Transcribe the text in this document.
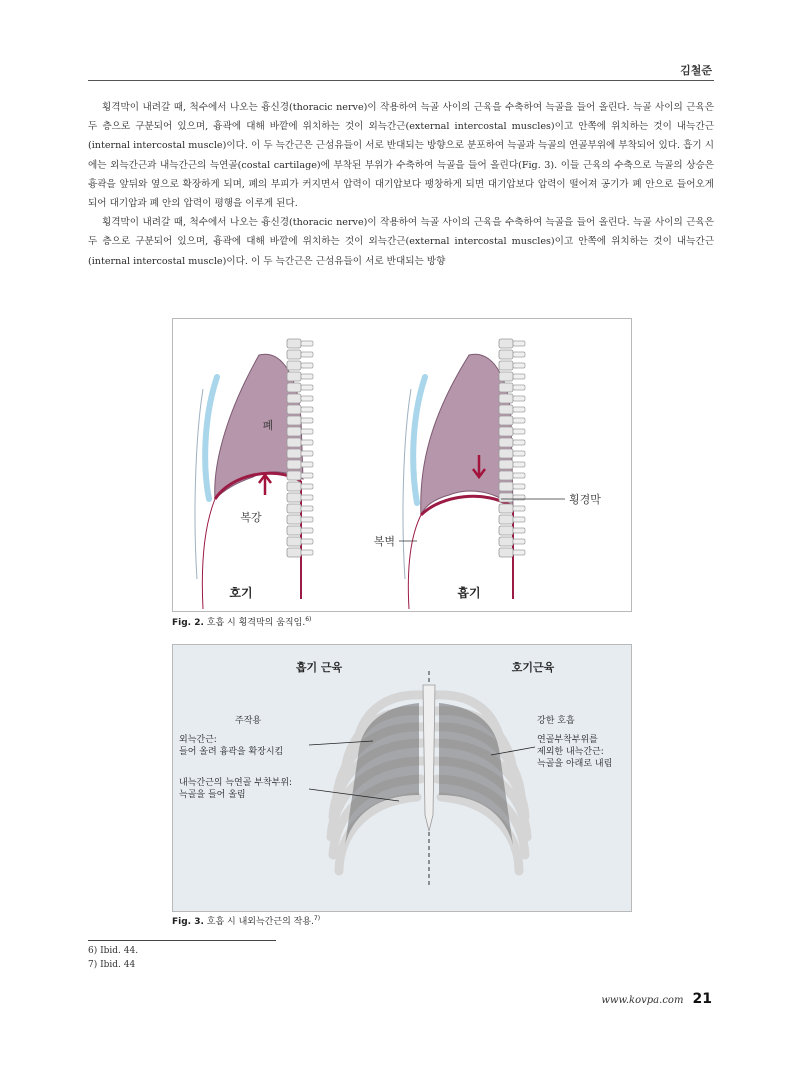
김철준

횡격막이 내려갈 때, 척수에서 나오는 흉신경(thoracic nerve)이 작용하여 늑골 사이의 근육을 수축하여 늑골을 들어 올린다. 늑골 사이의 근육은 두 층으로 구분되어 있으며, 흉곽에 대해 바깥에 위치하는 것이 외늑간근(external intercostal muscles)이고 안쪽에 위치하는 것이 내늑간근(internal intercostal muscle)이다. 이 두 늑간근은 근섬유들이 서로 반대되는 방향으로 분포하여 늑골과 늑골의 연골부위에 부착되어 있다. 흡기 시에는 외늑간근과 내늑간근의 늑연골(costal cartilage)에 부착된 부위가 수축하여 늑골을 들어 올린다(Fig. 3). 이들 근육의 수축으로 늑골의 상승은 흉곽을 앞뒤와 옆으로 확장하게 되며, 폐의 부피가 커지면서 압력이 대기압보다 팽창하게 되면 대기압보다 압력이 떨어져 공기가 폐 안으로 들어오게 되어 대기압과 폐 안의 압력이 평행을 이루게 된다.

횡격막이 내려갈 때, 척수에서 나오는 흉신경(thoracic nerve)이 작용하여 늑골 사이의 근육을 수축하여 늑골을 들어 올린다. 늑골 사이의 근육은 두 층으로 구분되어 있으며, 흉곽에 대해 바깥에 위치하는 것이 외늑간근(external intercostal muscles)이고 안쪽에 위치하는 것이 내늑간근(internal intercostal muscle)이다. 이 두 늑간근은 근섬유들이 서로 반대되는 방향

폐
복강
호기
횡경막
복벽
흡기
Fig. 2. 호흡 시 횡격막의 움직임.$^{6)}$
흡기 근육	호기근육
주작용
외늑간근:
들어 올려 흉곽을 확장시킴
내늑간근의 늑연골 부착부위:
늑골을 들어 올림
강한 호흡
연골부착부위를
제외한 내늑간근:
늑골을 아래로 내림
Fig. 3. 호흡 시 내외늑간근의 작용.$^{7)}$
6) Ibid. 44.
7) Ibid. 44
www.kovpa.com 21
